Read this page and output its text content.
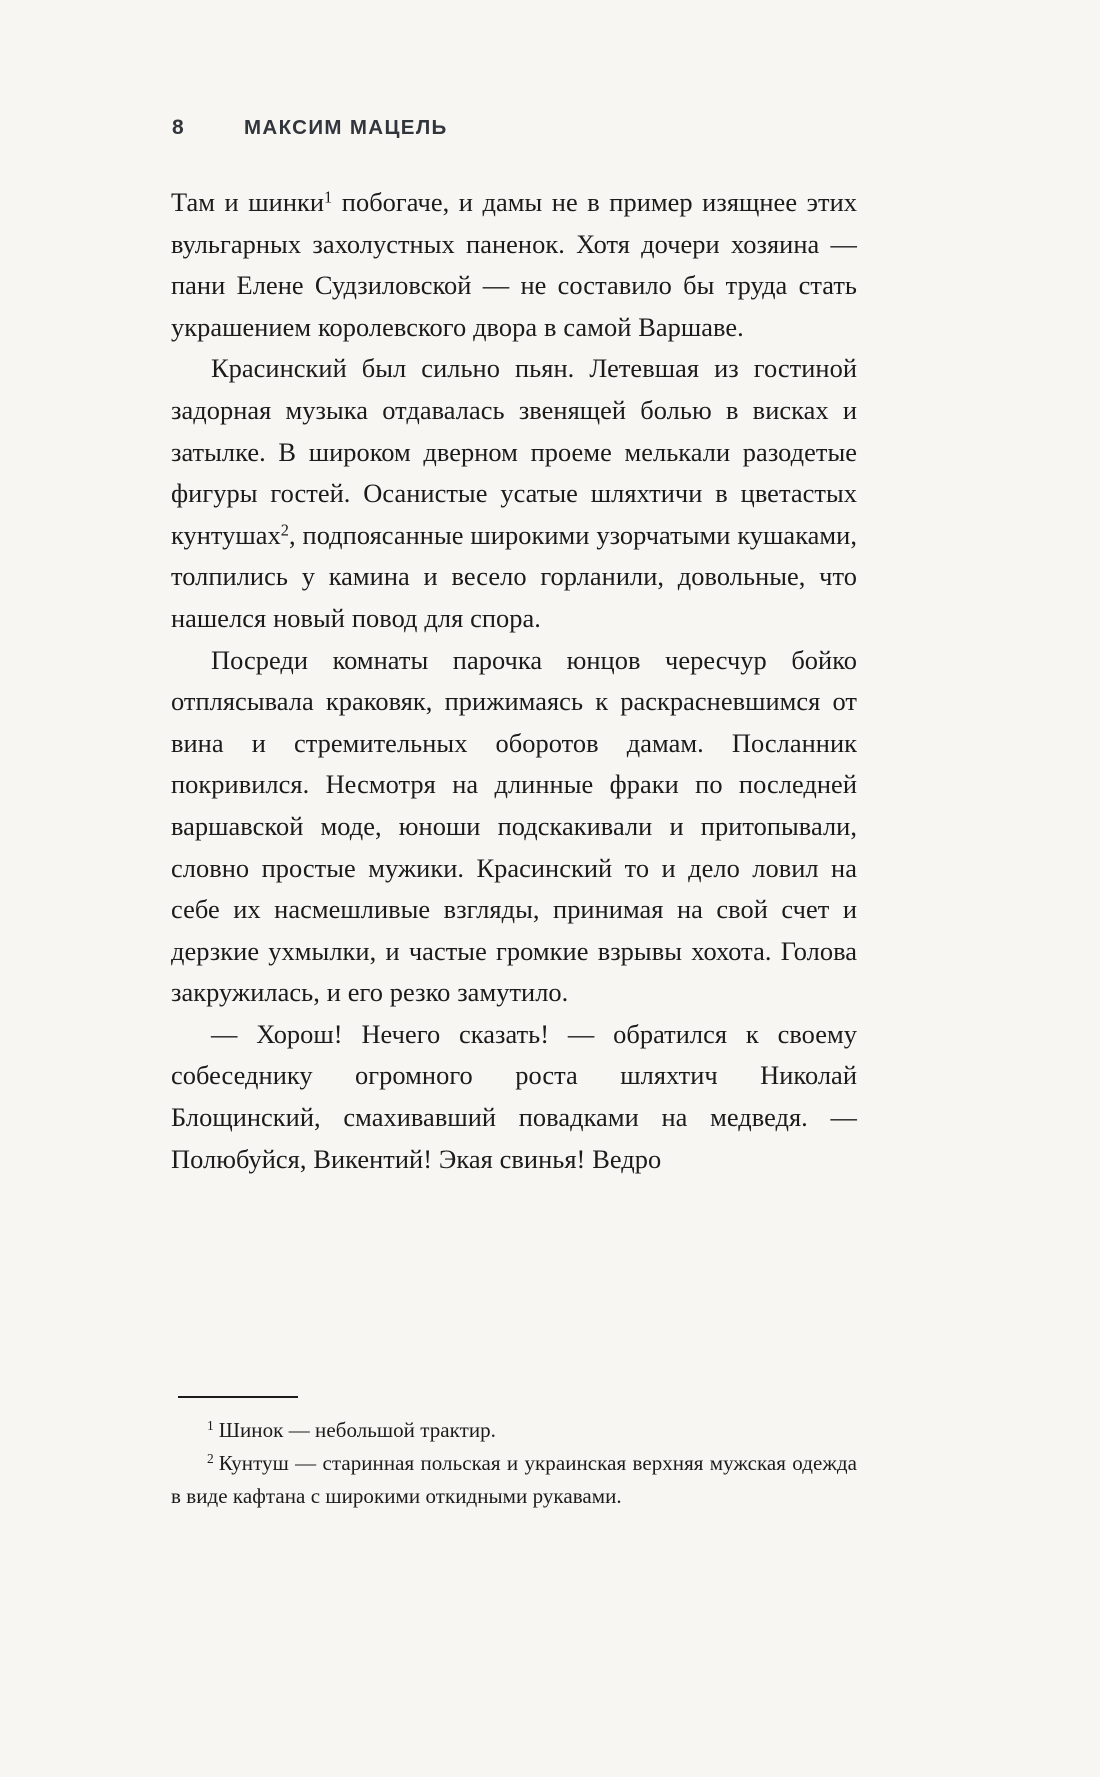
8	МАКСИМ МАЦЕЛЬ

Там и шинки$^1$ побогаче, и дамы не в пример изящнее этих вульгарных захолустных паненок. Хотя дочери хозяина — пани Елене Судзиловской — не составило бы труда стать украшением королевского двора в самой Варшаве.

Красинский был сильно пьян. Летевшая из гостиной задорная музыка отдавалась звенящей болью в висках и затылке. В широком дверном проеме мелькали разодетые фигуры гостей. Осанистые усатые шляхтичи в цветастых кунтушах$^2$, подпоясанные широкими узорчатыми кушаками, толпились у камина и весело горланили, довольные, что нашелся новый повод для спора.

Посреди комнаты парочка юнцов чересчур бойко отплясывала краковяк, прижимаясь к раскрасневшимся от вина и стремительных оборотов дамам. Посланник покривился. Несмотря на длинные фраки по последней варшавской моде, юноши подскакивали и притопывали, словно простые мужики. Красинский то и дело ловил на себе их насмешливые взгляды, принимая на свой счет и дерзкие ухмылки, и частые громкие взрывы хохота. Голова закружилась, и его резко замутило.

— Хорош! Нечего сказать! — обратился к своему собеседнику огромного роста шляхтич Николай Блощинский, смахивавший повадками на медведя. — Полюбуйся, Викентий! Экая свинья! Ведро

$^1$ Шинок — небольшой трактир.

$^2$ Кунтуш — старинная польская и украинская верхняя мужская одежда в виде кафтана с широкими откидными рукавами.
